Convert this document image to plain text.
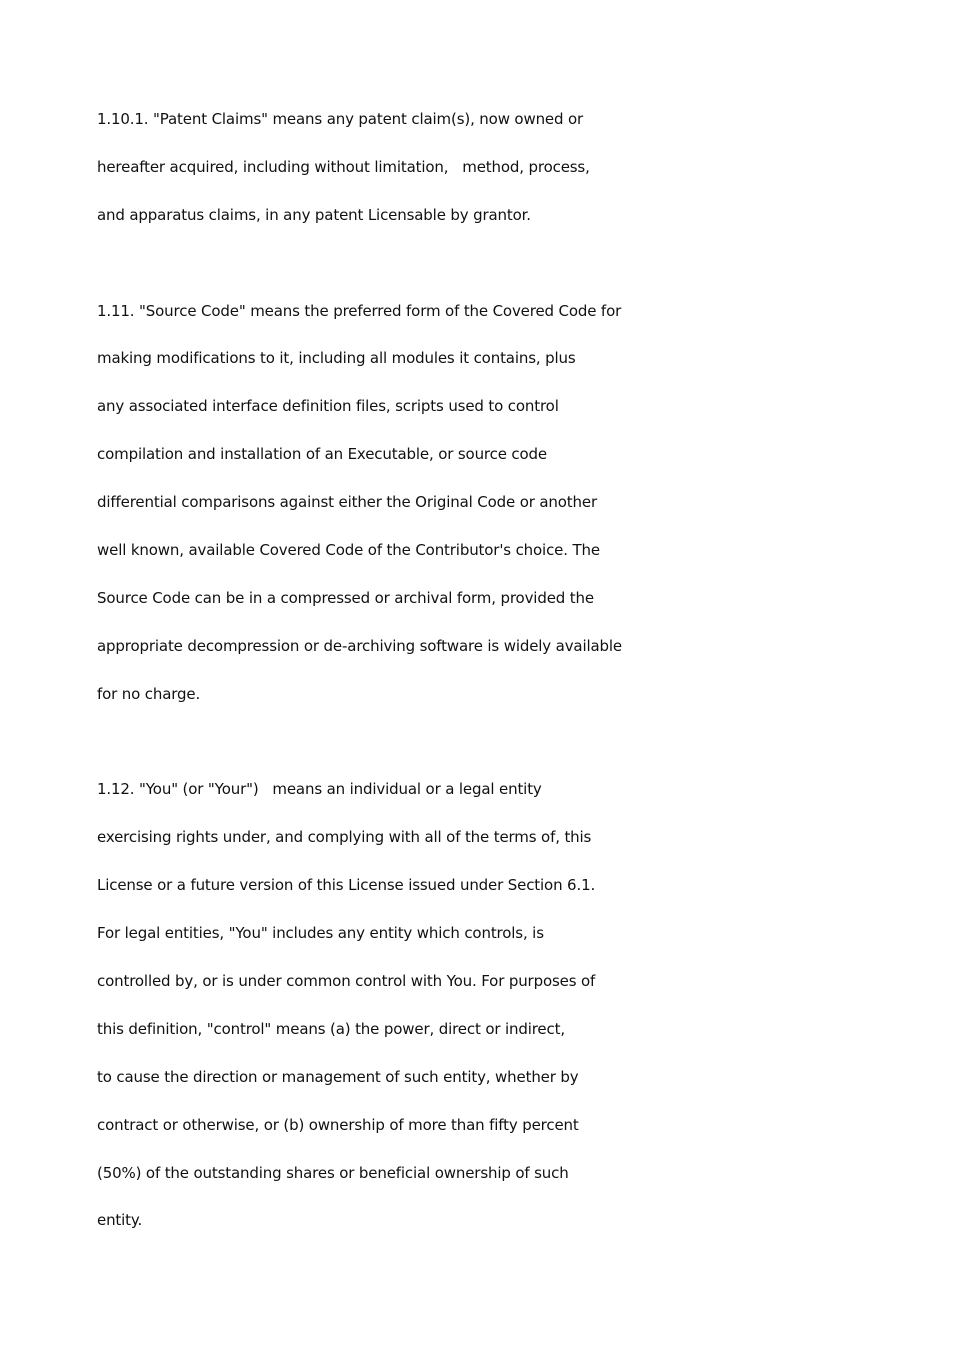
1.10.1. "Patent Claims" means any patent claim(s), now owned or
hereafter acquired, including without limitation,   method, process,
and apparatus claims, in any patent Licensable by grantor.
1.11. "Source Code" means the preferred form of the Covered Code for
making modifications to it, including all modules it contains, plus
any associated interface definition files, scripts used to control
compilation and installation of an Executable, or source code
differential comparisons against either the Original Code or another
well known, available Covered Code of the Contributor's choice. The
Source Code can be in a compressed or archival form, provided the
appropriate decompression or de-archiving software is widely available
for no charge.
1.12. "You" (or "Your")   means an individual or a legal entity
exercising rights under, and complying with all of the terms of, this
License or a future version of this License issued under Section 6.1.
For legal entities, "You" includes any entity which controls, is
controlled by, or is under common control with You. For purposes of
this definition, "control" means (a) the power, direct or indirect,
to cause the direction or management of such entity, whether by
contract or otherwise, or (b) ownership of more than fifty percent
(50%) of the outstanding shares or beneficial ownership of such
entity.
